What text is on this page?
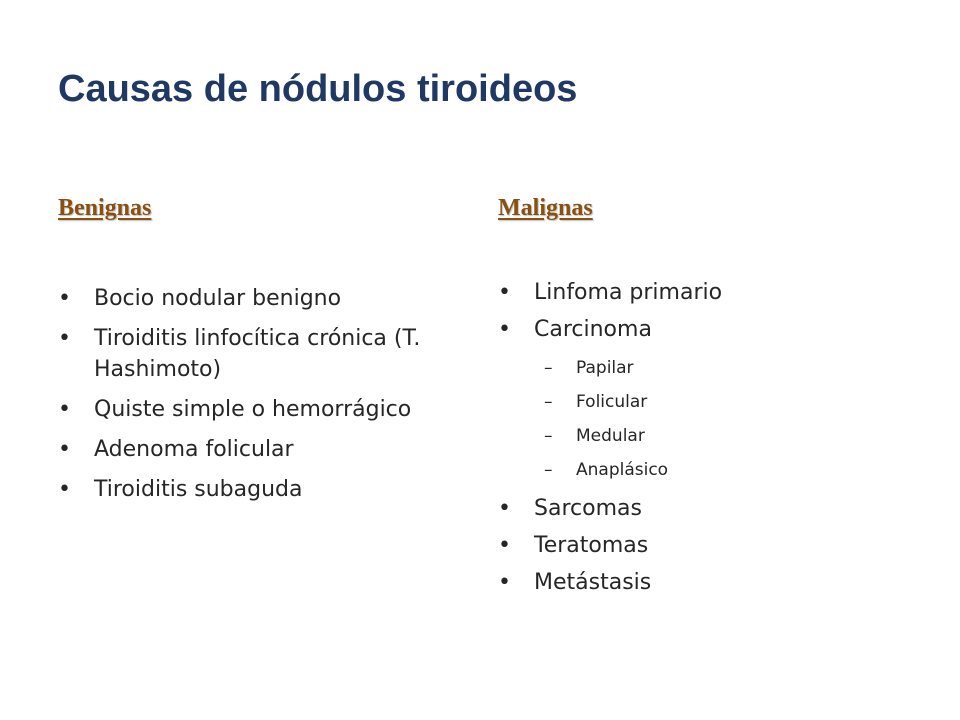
Causas de nódulos tiroideos
Benignas	Malignas
•	Bocio nodular benigno
•	Tiroiditis linfocítica crónica (T. Hashimoto)
•	Quiste simple o hemorrágico
•	Adenoma folicular
•	Tiroiditis subaguda
•	Linfoma primario
•	Carcinoma
– Papilar
– Folicular
– Medular
– Anaplásico
•	Sarcomas
•	Teratomas
•	Metástasis
